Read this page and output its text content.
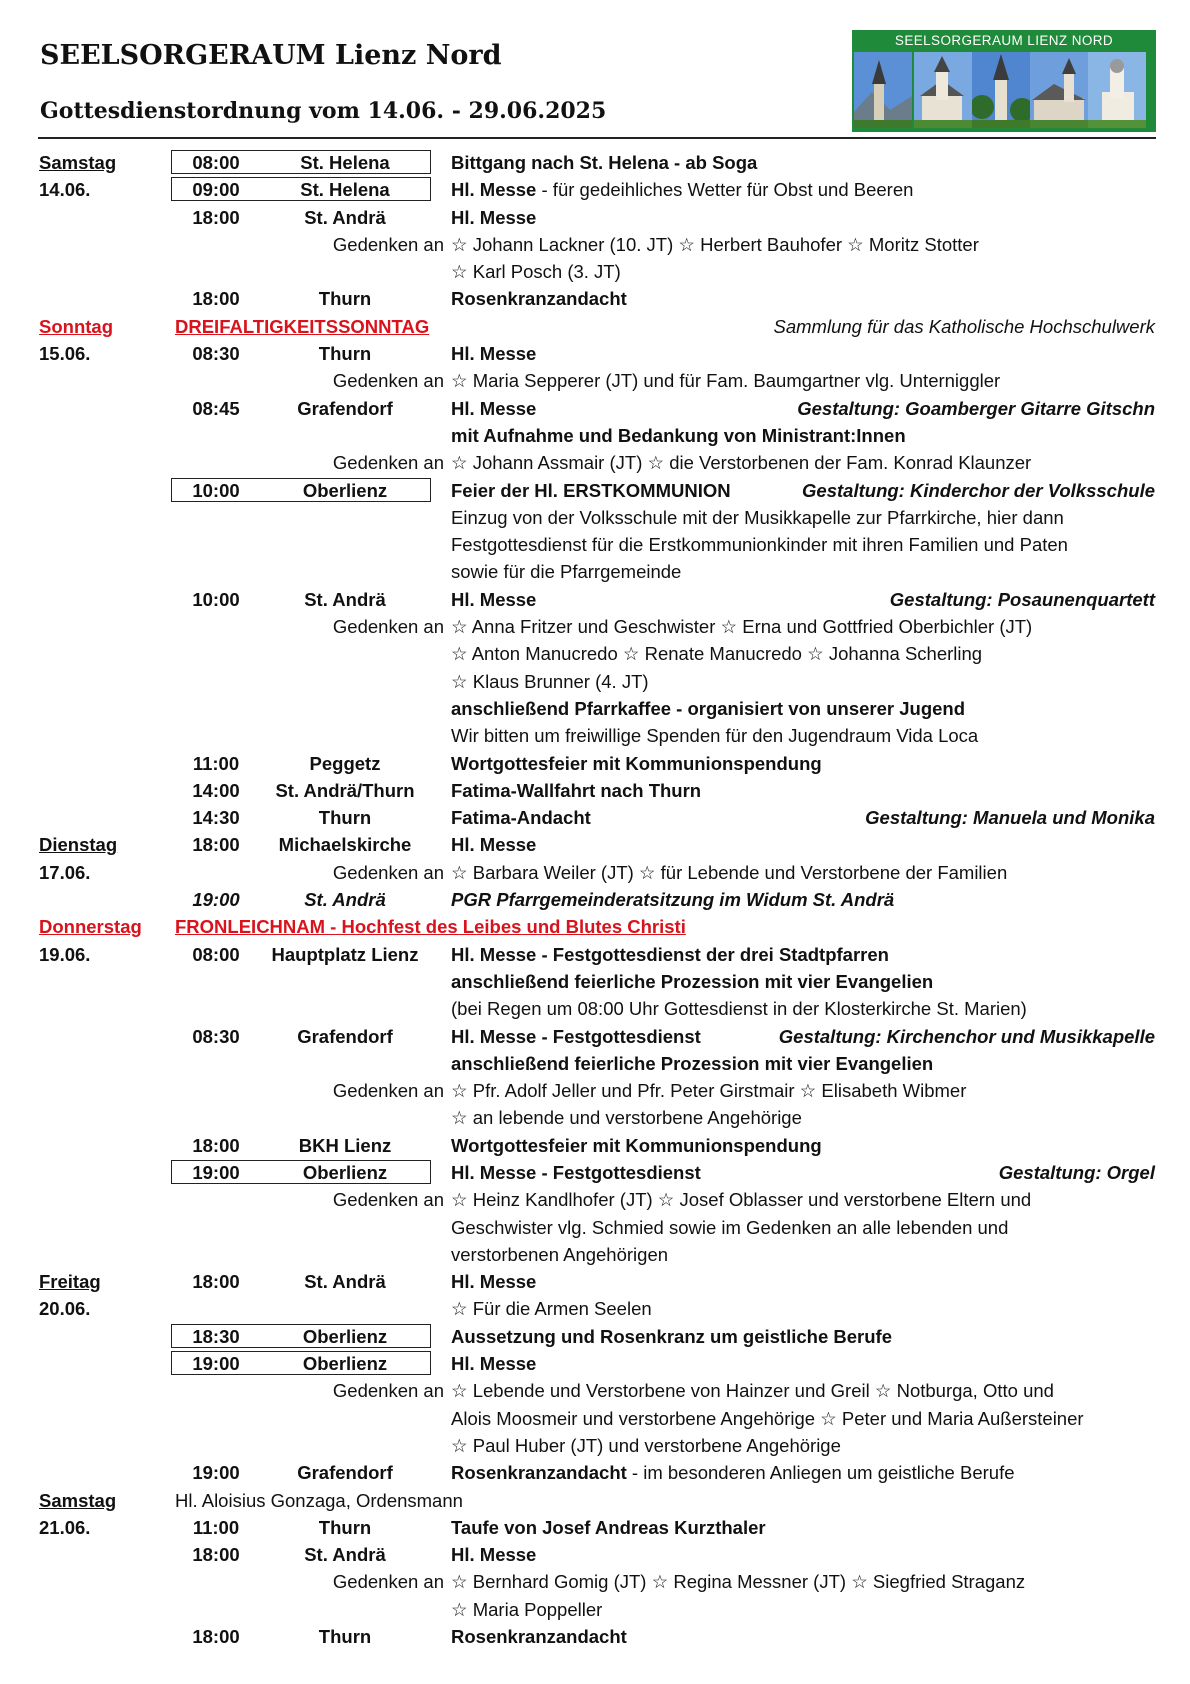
SEELSORGERAUM Lienz Nord
Gottesdienstordnung vom 14.06. - 29.06.2025
SEELSORGERAUM LIENZ NORD
Samstag	08:00	St. Helena	Bittgang nach St. Helena - ab Soga
14.06.	09:00	St. Helena	Hl. Messe - für gedeihliches Wetter für Obst und Beeren
18:00	St. Andrä	Hl. Messe
Gedenken an ☆ Johann Lackner (10. JT) ☆ Herbert Bauhofer ☆ Moritz Stotter
☆ Karl Posch (3. JT)
18:00	Thurn	Rosenkranzandacht
Sonntag	DREIFALTIGKEITSSONNTAG	Sammlung für das Katholische Hochschulwerk
15.06.	08:30	Thurn	Hl. Messe
Gedenken an ☆ Maria Sepperer (JT) und für Fam. Baumgartner vlg. Unterniggler
08:45	Grafendorf	Hl. Messe	Gestaltung: Goamberger Gitarre Gitschn
mit Aufnahme und Bedankung von Ministrant:Innen
Gedenken an ☆ Johann Assmair (JT) ☆ die Verstorbenen der Fam. Konrad Klaunzer
10:00	Oberlienz	Feier der Hl. ERSTKOMMUNION	Gestaltung: Kinderchor der Volksschule
Einzug von der Volksschule mit der Musikkapelle zur Pfarrkirche, hier dann
Festgottesdienst für die Erstkommunionkinder mit ihren Familien und Paten
sowie für die Pfarrgemeinde
10:00	St. Andrä	Hl. Messe	Gestaltung: Posaunenquartett
Gedenken an ☆ Anna Fritzer und Geschwister ☆ Erna und Gottfried Oberbichler (JT)
☆ Anton Manucredo ☆ Renate Manucredo ☆ Johanna Scherling
☆ Klaus Brunner (4. JT)
anschließend Pfarrkaffee - organisiert von unserer Jugend
Wir bitten um freiwillige Spenden für den Jugendraum Vida Loca
11:00	Peggetz	Wortgottesfeier mit Kommunionspendung
14:00	St. Andrä/Thurn	Fatima-Wallfahrt nach Thurn
14:30	Thurn	Fatima-Andacht	Gestaltung: Manuela und Monika
Dienstag	18:00	Michaelskirche	Hl. Messe
17.06.	Gedenken an ☆ Barbara Weiler (JT) ☆ für Lebende und Verstorbene der Familien
19:00	St. Andrä	PGR Pfarrgemeinderatsitzung im Widum St. Andrä
Donnerstag FRONLEICHNAM - Hochfest des Leibes und Blutes Christi
19.06.	08:00	Hauptplatz Lienz	Hl. Messe - Festgottesdienst der drei Stadtpfarren
anschließend feierliche Prozession mit vier Evangelien
(bei Regen um 08:00 Uhr Gottesdienst in der Klosterkirche St. Marien)
08:30	Grafendorf	Hl. Messe - Festgottesdienst	Gestaltung: Kirchenchor und Musikkapelle
anschließend feierliche Prozession mit vier Evangelien
Gedenken an ☆ Pfr. Adolf Jeller und Pfr. Peter Girstmair ☆ Elisabeth Wibmer
☆ an lebende und verstorbene Angehörige
18:00	BKH Lienz	Wortgottesfeier mit Kommunionspendung
19:00	Oberlienz	Hl. Messe - Festgottesdienst	Gestaltung: Orgel
Gedenken an ☆ Heinz Kandlhofer (JT) ☆ Josef Oblasser und verstorbene Eltern und
Geschwister vlg. Schmied sowie im Gedenken an alle lebenden und
verstorbenen Angehörigen
Freitag	18:00	St. Andrä	Hl. Messe
20.06.	☆ Für die Armen Seelen
18:30	Oberlienz	Aussetzung und Rosenkranz um geistliche Berufe
19:00	Oberlienz	Hl. Messe
Gedenken an ☆ Lebende und Verstorbene von Hainzer und Greil ☆ Notburga, Otto und
Alois Moosmeir und verstorbene Angehörige ☆ Peter und Maria Außersteiner
☆ Paul Huber (JT) und verstorbene Angehörige
19:00	Grafendorf	Rosenkranzandacht - im besonderen Anliegen um geistliche Berufe
Samstag	Hl. Aloisius Gonzaga, Ordensmann
21.06.	11:00	Thurn	Taufe von Josef Andreas Kurzthaler
18:00	St. Andrä	Hl. Messe
Gedenken an ☆ Bernhard Gomig (JT) ☆ Regina Messner (JT) ☆ Siegfried Straganz
☆ Maria Poppeller
18:00	Thurn	Rosenkranzandacht
